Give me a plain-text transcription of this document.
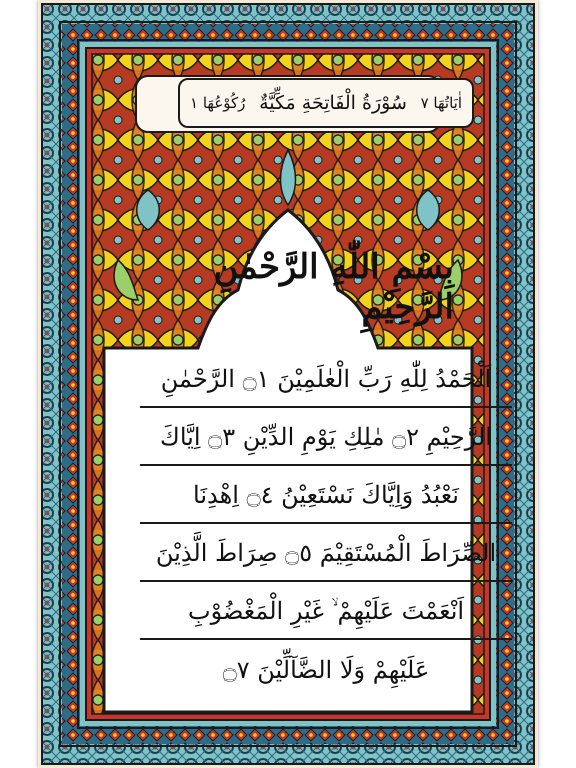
اٰيَاتُهَا ٧
سُوْرَةُ الْفَاتِحَةِ مَكِّيَّةٌ
رُكُوْعُهَا ١
بِسْمِ اللّٰهِ الرَّحْمٰنِ الرَّحِيْمِ
اَلْحَمْدُ لِلّٰهِ رَبِّ الْعٰلَمِيْنَ ۝١ الرَّحْمٰنِ
الرَّحِيْمِ ۝٢ مٰلِكِ يَوْمِ الدِّيْنِ ۝٣ اِيَّاكَ
نَعْبُدُ وَاِيَّاكَ نَسْتَعِيْنُ ۝٤ اِهْدِنَا
الصِّرَاطَ الْمُسْتَقِيْمَ ۝٥ صِرَاطَ الَّذِيْنَ
اَنْعَمْتَ عَلَيْهِمْ ۙ غَيْرِ الْمَغْضُوْبِ
عَلَيْهِمْ وَلَا الضَّآلِّيْنَ ۝٧
